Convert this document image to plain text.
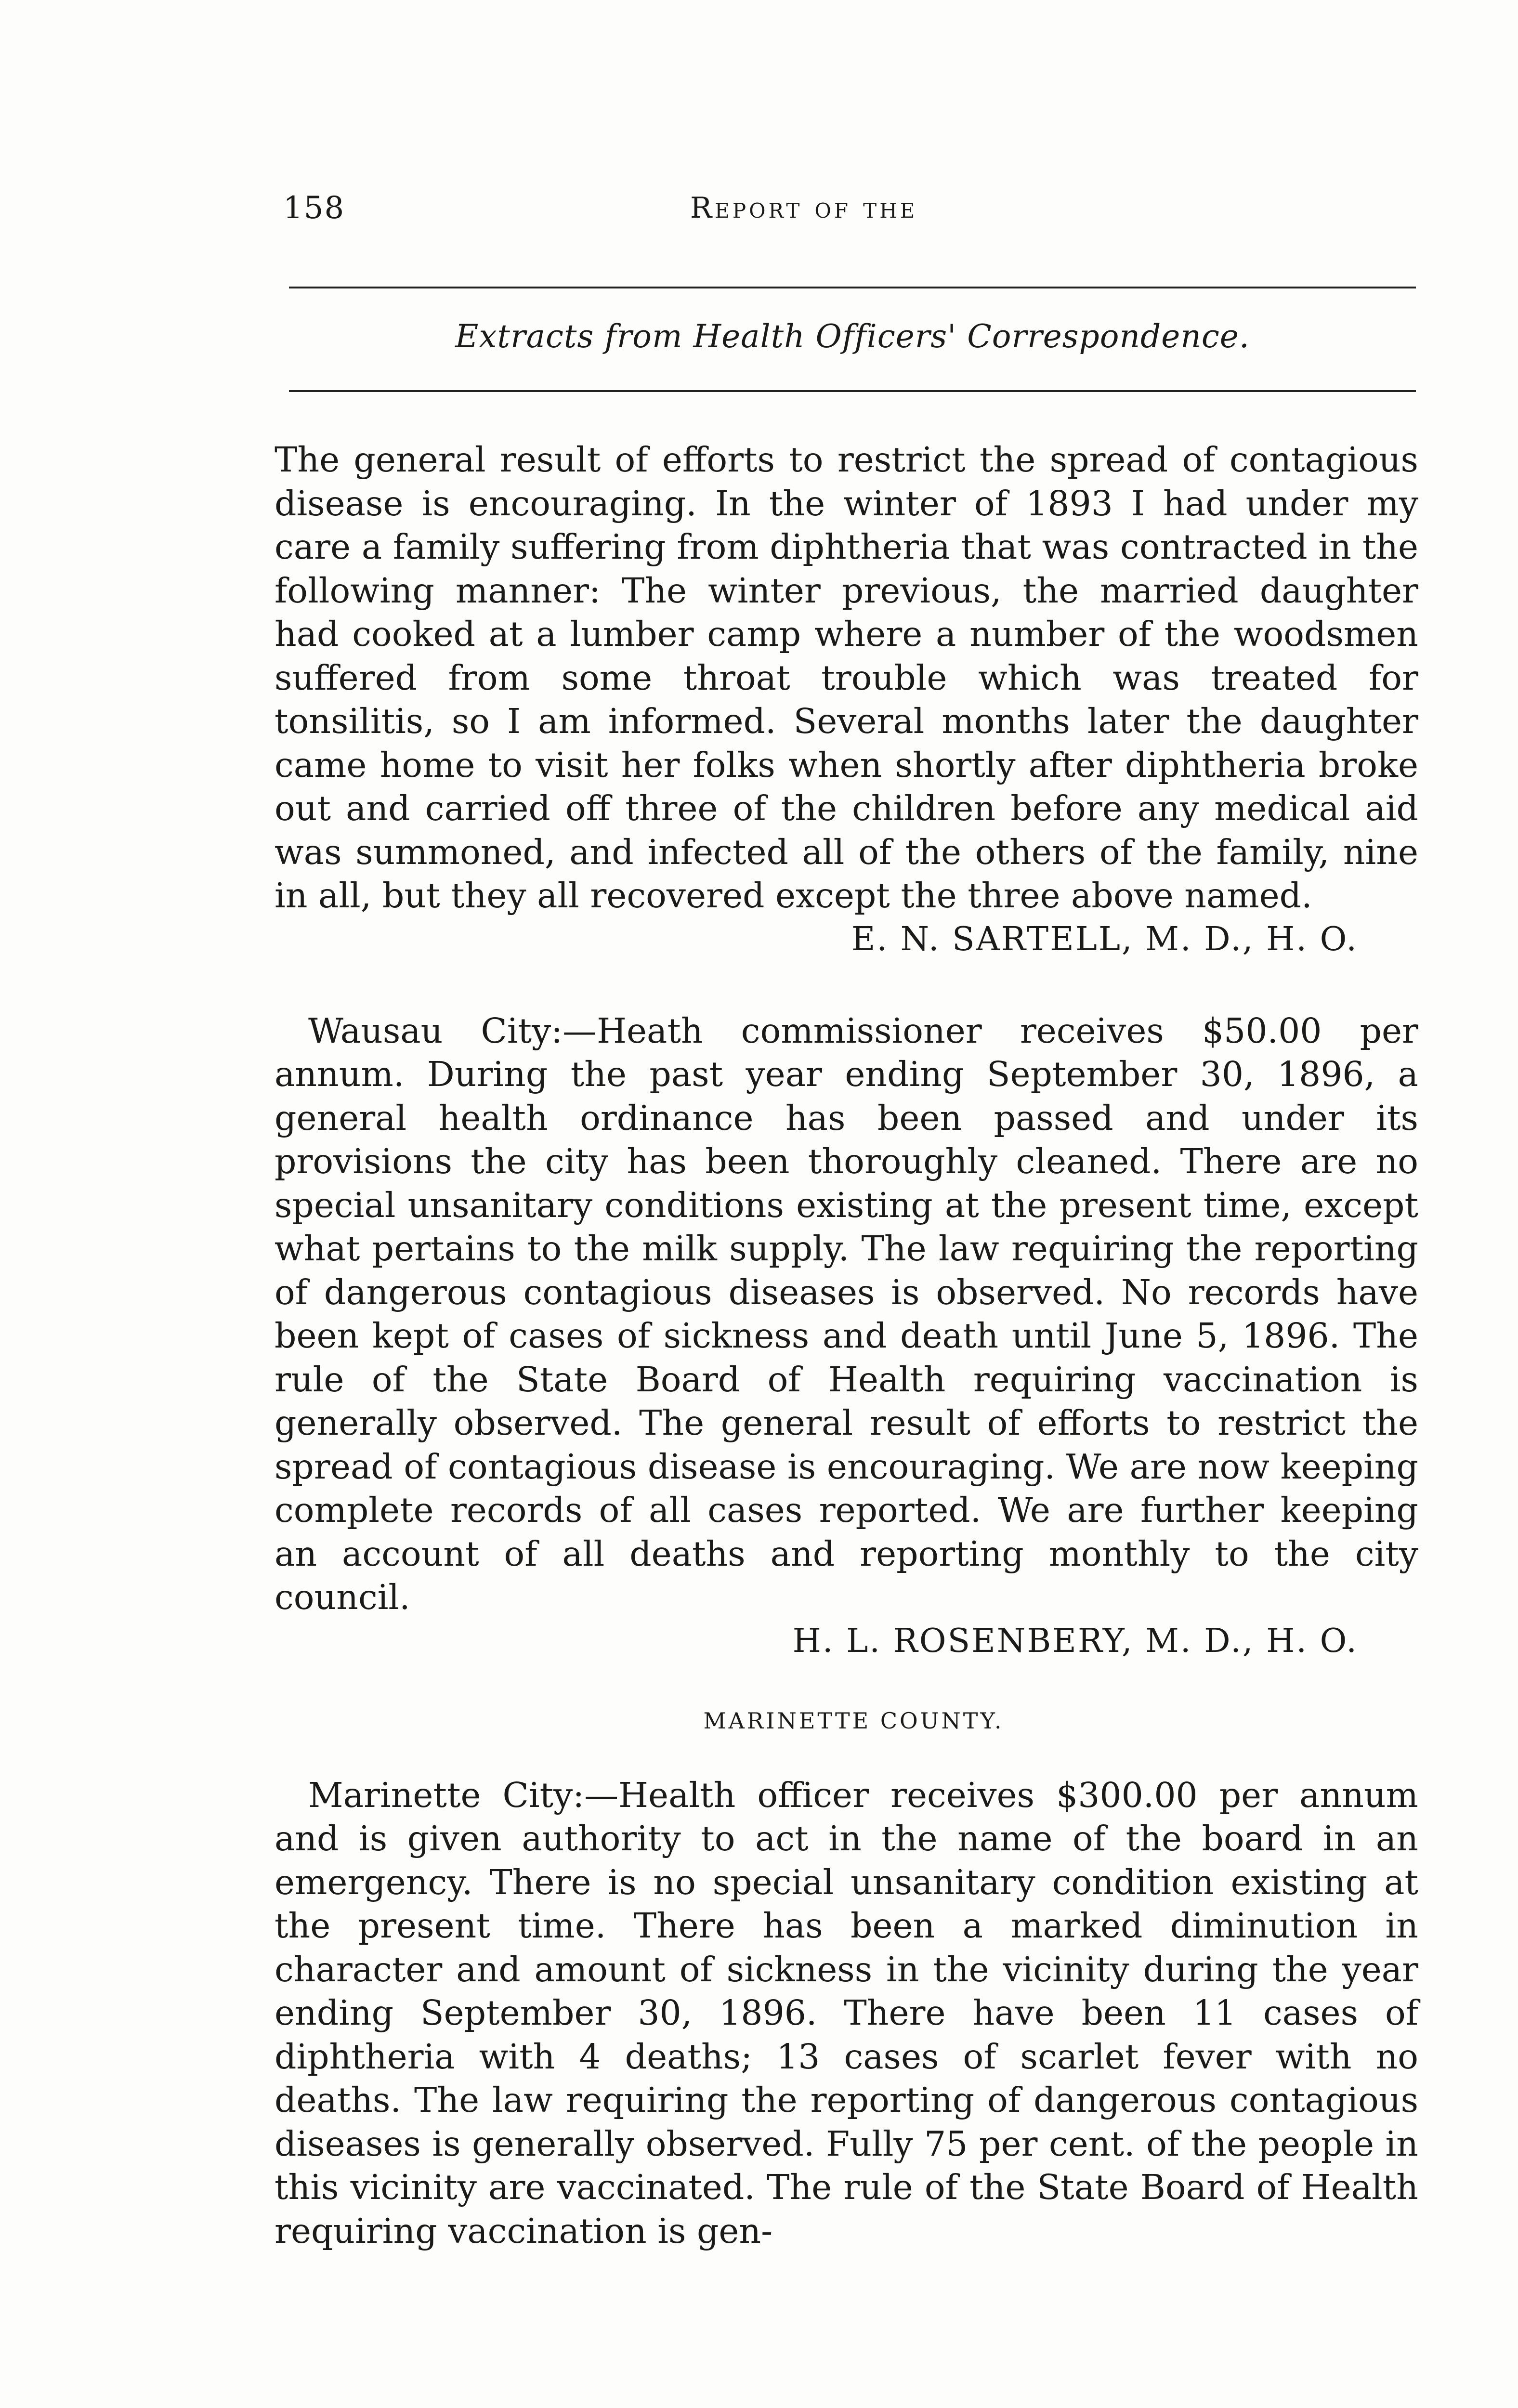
158	Report of the
Extracts from Health Officers' Correspondence.

The general result of efforts to restrict the spread of contagious disease is encouraging. In the winter of 1893 I had under my care a family suffering from diphtheria that was contracted in the following manner: The winter previous, the married daughter had cooked at a lumber camp where a number of the woodsmen suffered from some throat trouble which was treated for tonsilitis, so I am informed. Several months later the daughter came home to visit her folks when shortly after diphtheria broke out and carried off three of the children before any medical aid was summoned, and infected all of the others of the family, nine in all, but they all recovered except the three above named.

E. N. SARTELL, M. D., H. O.

Wausau City:—Heath commissioner receives $50.00 per annum. During the past year ending September 30, 1896, a general health ordinance has been passed and under its provisions the city has been thoroughly cleaned. There are no special unsanitary conditions existing at the present time, except what pertains to the milk supply. The law requiring the reporting of dangerous contagious diseases is observed. No records have been kept of cases of sickness and death until June 5, 1896. The rule of the State Board of Health requiring vaccination is generally observed. The general result of efforts to restrict the spread of contagious disease is encouraging. We are now keeping complete records of all cases reported. We are further keeping an account of all deaths and reporting monthly to the city council.

H. L. ROSENBERY, M. D., H. O.

MARINETTE COUNTY.

Marinette City:—Health officer receives $300.00 per annum and is given authority to act in the name of the board in an emergency. There is no special unsanitary condition existing at the present time. There has been a marked diminution in character and amount of sickness in the vicinity during the year ending September 30, 1896. There have been 11 cases of diphtheria with 4 deaths; 13 cases of scarlet fever with no deaths. The law requiring the reporting of dangerous contagious diseases is generally observed. Fully 75 per cent. of the people in this vicinity are vaccinated. The rule of the State Board of Health requiring vaccination is gen-
